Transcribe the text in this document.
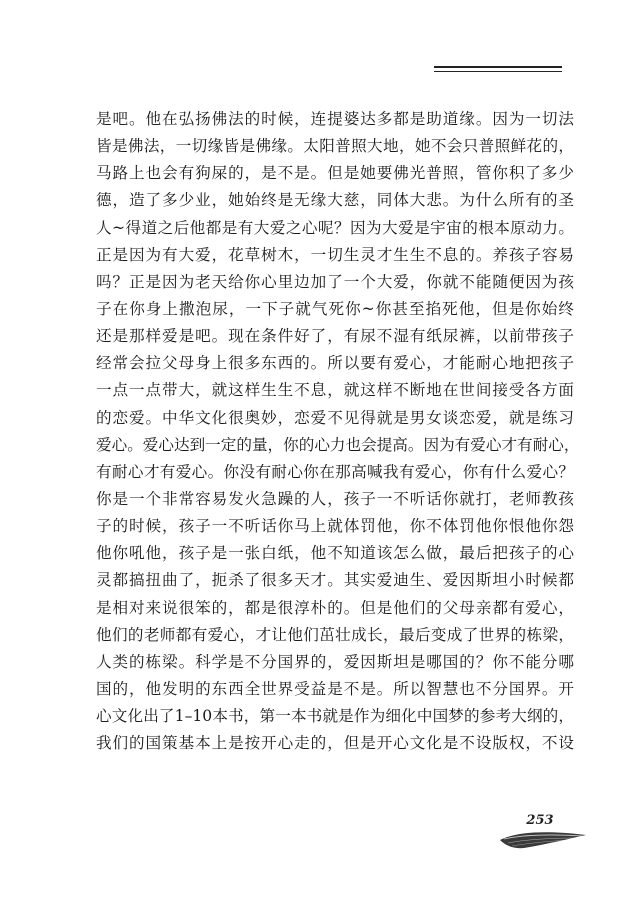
是吧。他在弘扬佛法的时候，连提婆达多都是助道缘。因为一切法
皆是佛法，一切缘皆是佛缘。太阳普照大地，她不会只普照鲜花的，
马路上也会有狗屎的，是不是。但是她要佛光普照，管你积了多少
德，造了多少业，她始终是无缘大慈，同体大悲。为什么所有的圣
人~得道之后他都是有大爱之心呢？因为大爱是宇宙的根本原动力。
正是因为有大爱，花草树木，一切生灵才生生不息的。养孩子容易
吗？正是因为老天给你心里边加了一个大爱，你就不能随便因为孩
子在你身上撒泡尿，一下子就气死你~你甚至掐死他，但是你始终
还是那样爱是吧。现在条件好了，有尿不湿有纸尿裤，以前带孩子
经常会拉父母身上很多东西的。所以要有爱心，才能耐心地把孩子
一点一点带大，就这样生生不息，就这样不断地在世间接受各方面
的恋爱。中华文化很奥妙，恋爱不见得就是男女谈恋爱，就是练习
爱心。爱心达到一定的量，你的心力也会提高。因为有爱心才有耐心，
有耐心才有爱心。你没有耐心你在那高喊我有爱心，你有什么爱心？
你是一个非常容易发火急躁的人，孩子一不听话你就打，老师教孩
子的时候，孩子一不听话你马上就体罚他，你不体罚他你恨他你怨
他你吼他，孩子是一张白纸，他不知道该怎么做，最后把孩子的心
灵都搞扭曲了，扼杀了很多天才。其实爱迪生、爱因斯坦小时候都
是相对来说很笨的，都是很淳朴的。但是他们的父母亲都有爱心，
他们的老师都有爱心，才让他们茁壮成长，最后变成了世界的栋梁，
人类的栋梁。科学是不分国界的，爱因斯坦是哪国的？你不能分哪
国的，他发明的东西全世界受益是不是。所以智慧也不分国界。开
心文化出了1–10本书，第一本书就是作为细化中国梦的参考大纲的，
我们的国策基本上是按开心走的，但是开心文化是不设版权，不设
253
